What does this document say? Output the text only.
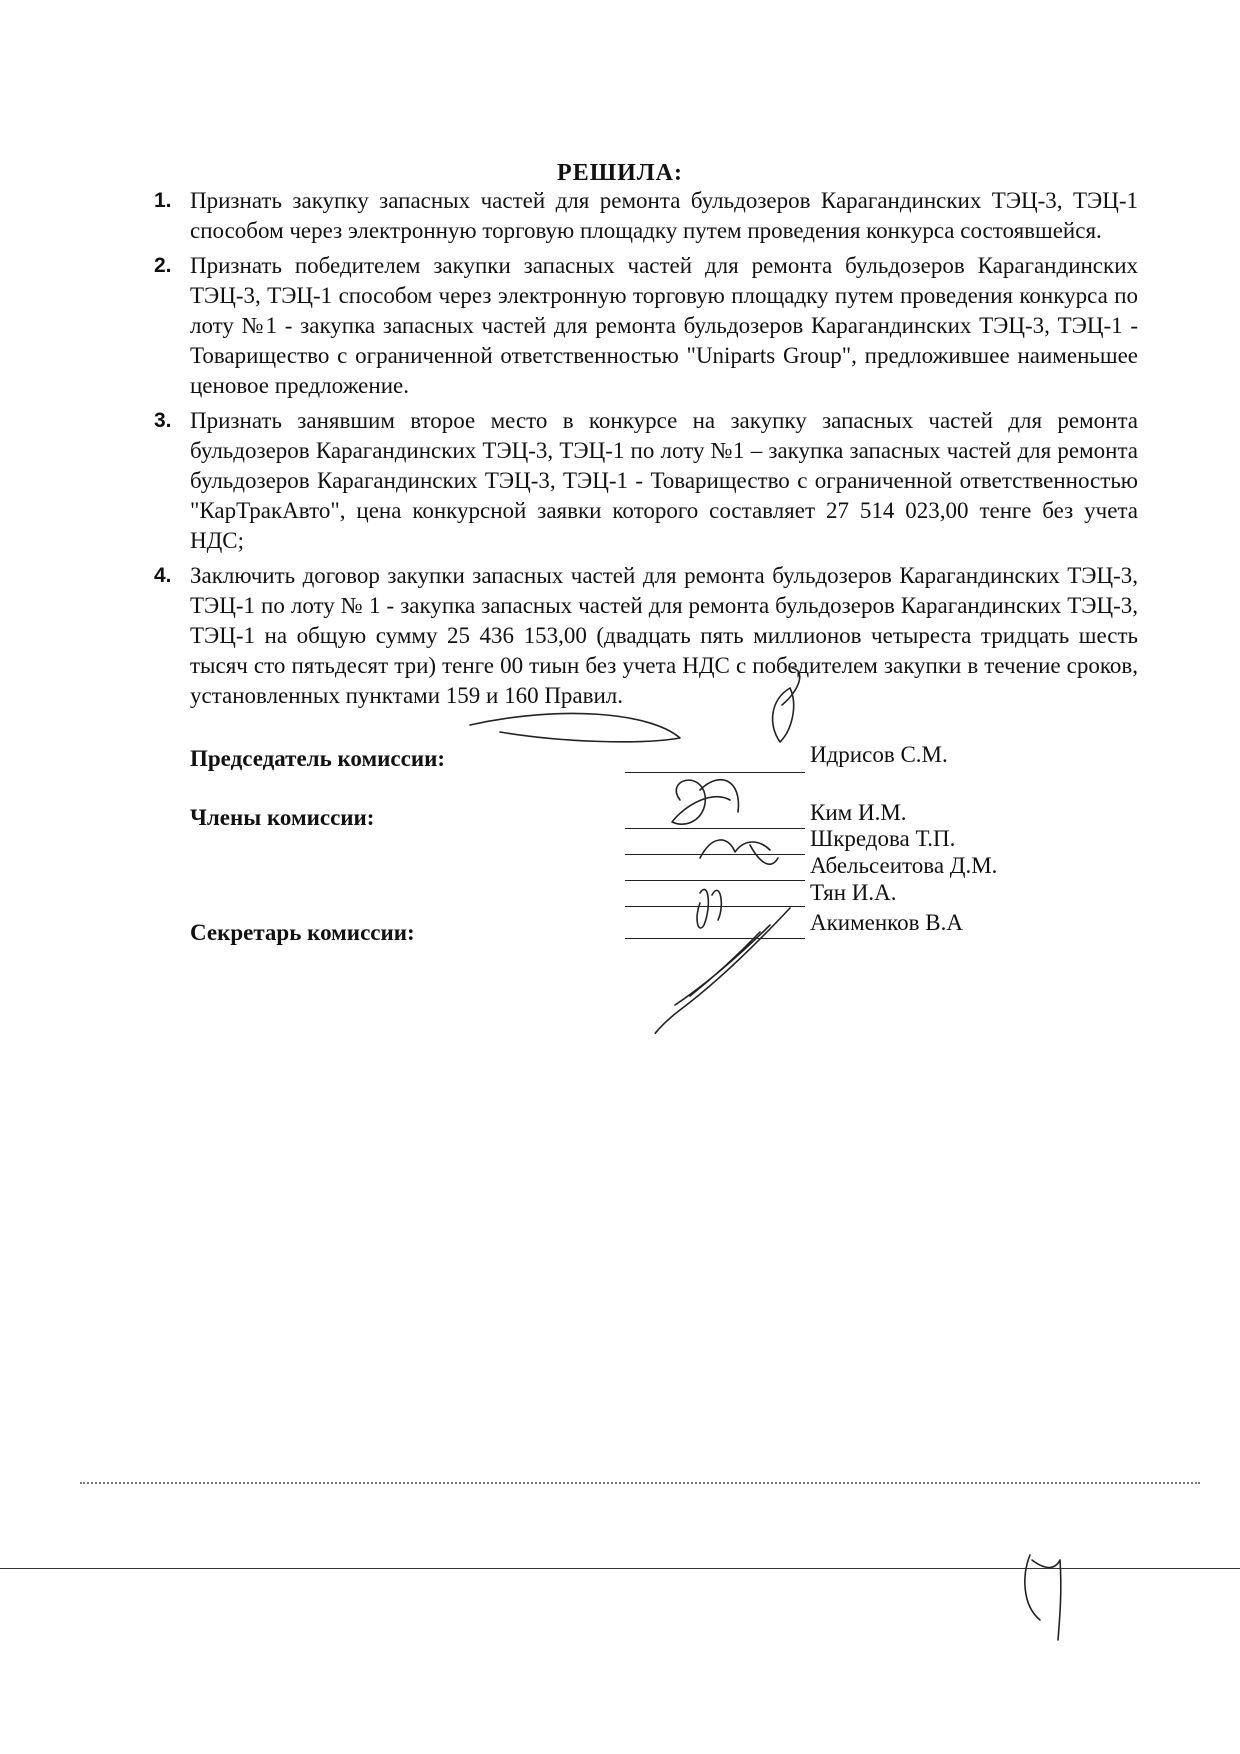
РЕШИЛА:
1. Признать закупку запасных частей для ремонта бульдозеров Карагандинских ТЭЦ-3, ТЭЦ-1 способом через электронную торговую площадку путем проведения конкурса состоявшейся.
2. Признать победителем закупки запасных частей для ремонта бульдозеров Карагандинских ТЭЦ-3, ТЭЦ-1 способом через электронную торговую площадку путем проведения конкурса по лоту №1 - закупка запасных частей для ремонта бульдозеров Карагандинских ТЭЦ-3, ТЭЦ-1 - Товарищество с ограниченной ответственностью "Uniparts Group", предложившее наименьшее ценовое предложение.
3. Признать занявшим второе место в конкурсе на закупку запасных частей для ремонта бульдозеров Карагандинских ТЭЦ-3, ТЭЦ-1 по лоту №1 – закупка запасных частей для ремонта бульдозеров Карагандинских ТЭЦ-3, ТЭЦ-1 - Товарищество с ограниченной ответственностью "КарТракАвто", цена конкурсной заявки которого составляет 27 514 023,00 тенге без учета НДС;
4. Заключить договор закупки запасных частей для ремонта бульдозеров Карагандинских ТЭЦ-3, ТЭЦ-1 по лоту № 1 - закупка запасных частей для ремонта бульдозеров Карагандинских ТЭЦ-3, ТЭЦ-1 на общую сумму 25 436 153,00 (двадцать пять миллионов четыреста тридцать шесть тысяч сто пятьдесят три) тенге 00 тиын без учета НДС с победителем закупки в течение сроков, установленных пунктами 159 и 160 Правил.
Председатель комиссии:	Идрисов С.М.
Члены комиссии:	Ким И.М.
Шкредова Т.П.
Абельсеитова Д.М.
Тян И.А.
Секретарь комиссии:	Акименков В.А
